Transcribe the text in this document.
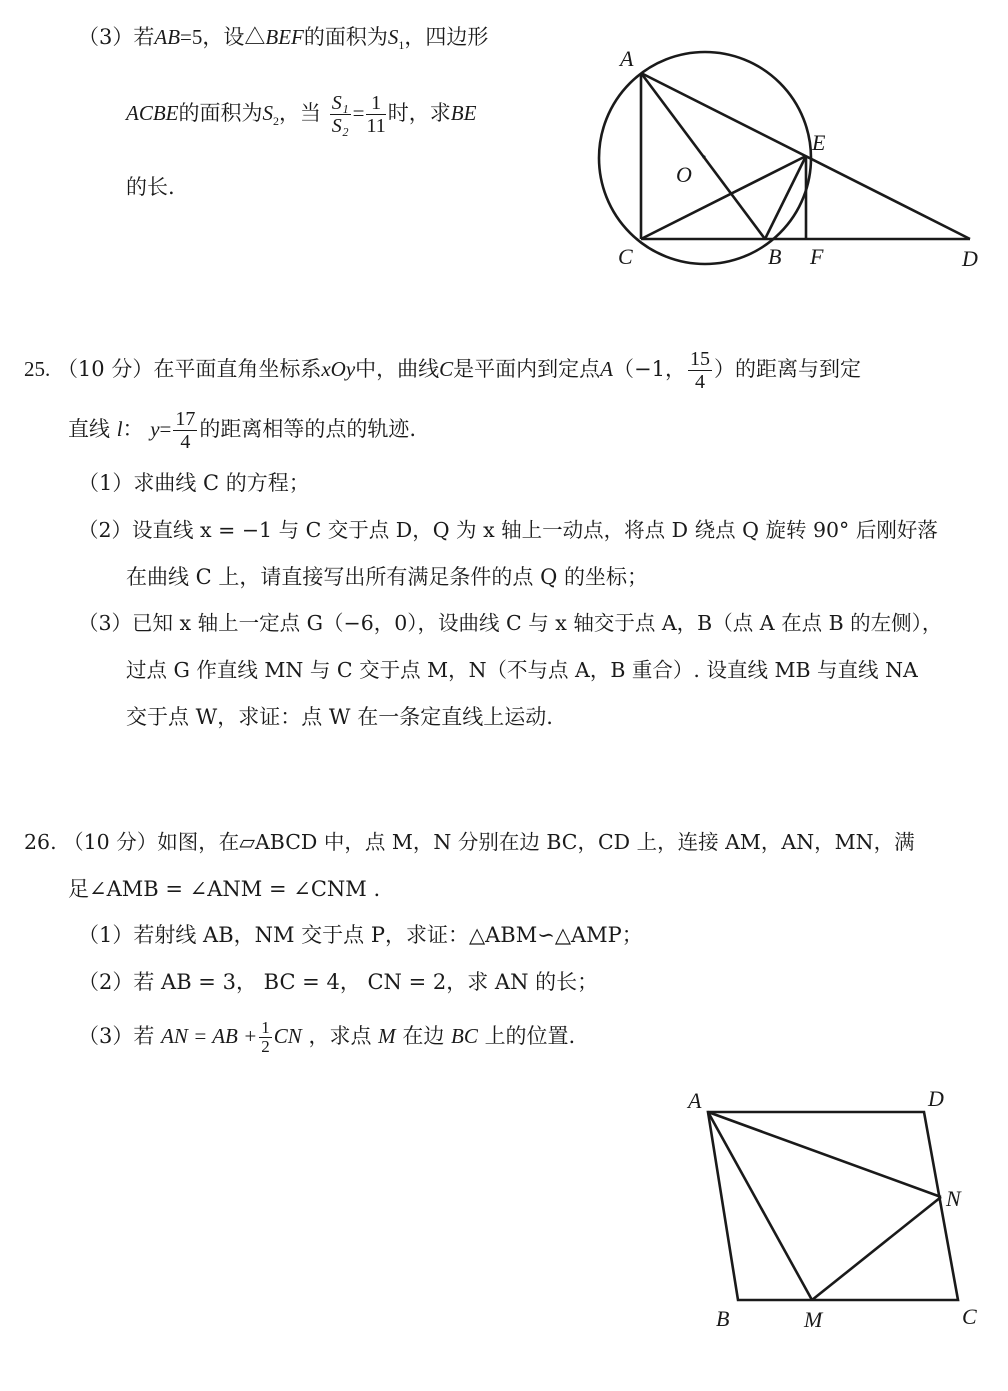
（3）若AB=5，设△BEF的面积为$S_1$，四边形
ACBE的面积为$S_2$，当 $\frac{\text{S₁}}{\text{S₂}} = \frac{1}{11}$ 时，求BE
的长.
A
E
O
C	B F	D
25. （10 分）在平面直角坐标系xOy中，曲线C是平面内到定点A（−1， $\frac{15}{4}$ ）的距离与到定
直线 l： $y= \frac{17}{4}$ 的距离相等的点的轨迹.
（1）求曲线 C 的方程；
（2）设直线 x = −1 与 C 交于点 D，Q 为 x 轴上一动点，将点 D 绕点 Q 旋转 90° 后刚好落
在曲线 C 上，请直接写出所有满足条件的点 Q 的坐标；
（3）已知 x 轴上一定点 G（−6，0），设曲线 C 与 x 轴交于点 A，B（点 A 在点 B 的左侧），
过点 G 作直线 MN 与 C 交于点 M，N（不与点 A，B 重合）. 设直线 MB 与直线 NA
交于点 W，求证：点 W 在一条定直线上运动.
26. （10 分）如图，在▱ABCD 中，点 M，N 分别在边 BC，CD 上，连接 AM，AN，MN，满
足∠AMB = ∠ANM = ∠CNM .
（1）若射线 AB，NM 交于点 P，求证：△ABM∽△AMP；
（2）若 AB = 3， BC = 4， CN = 2，求 AN 的长；
（3）若 AN = AB + $\frac{1}{2}$ CN ，求点 M 在边 BC 上的位置.
A	D
N
B	M	C
